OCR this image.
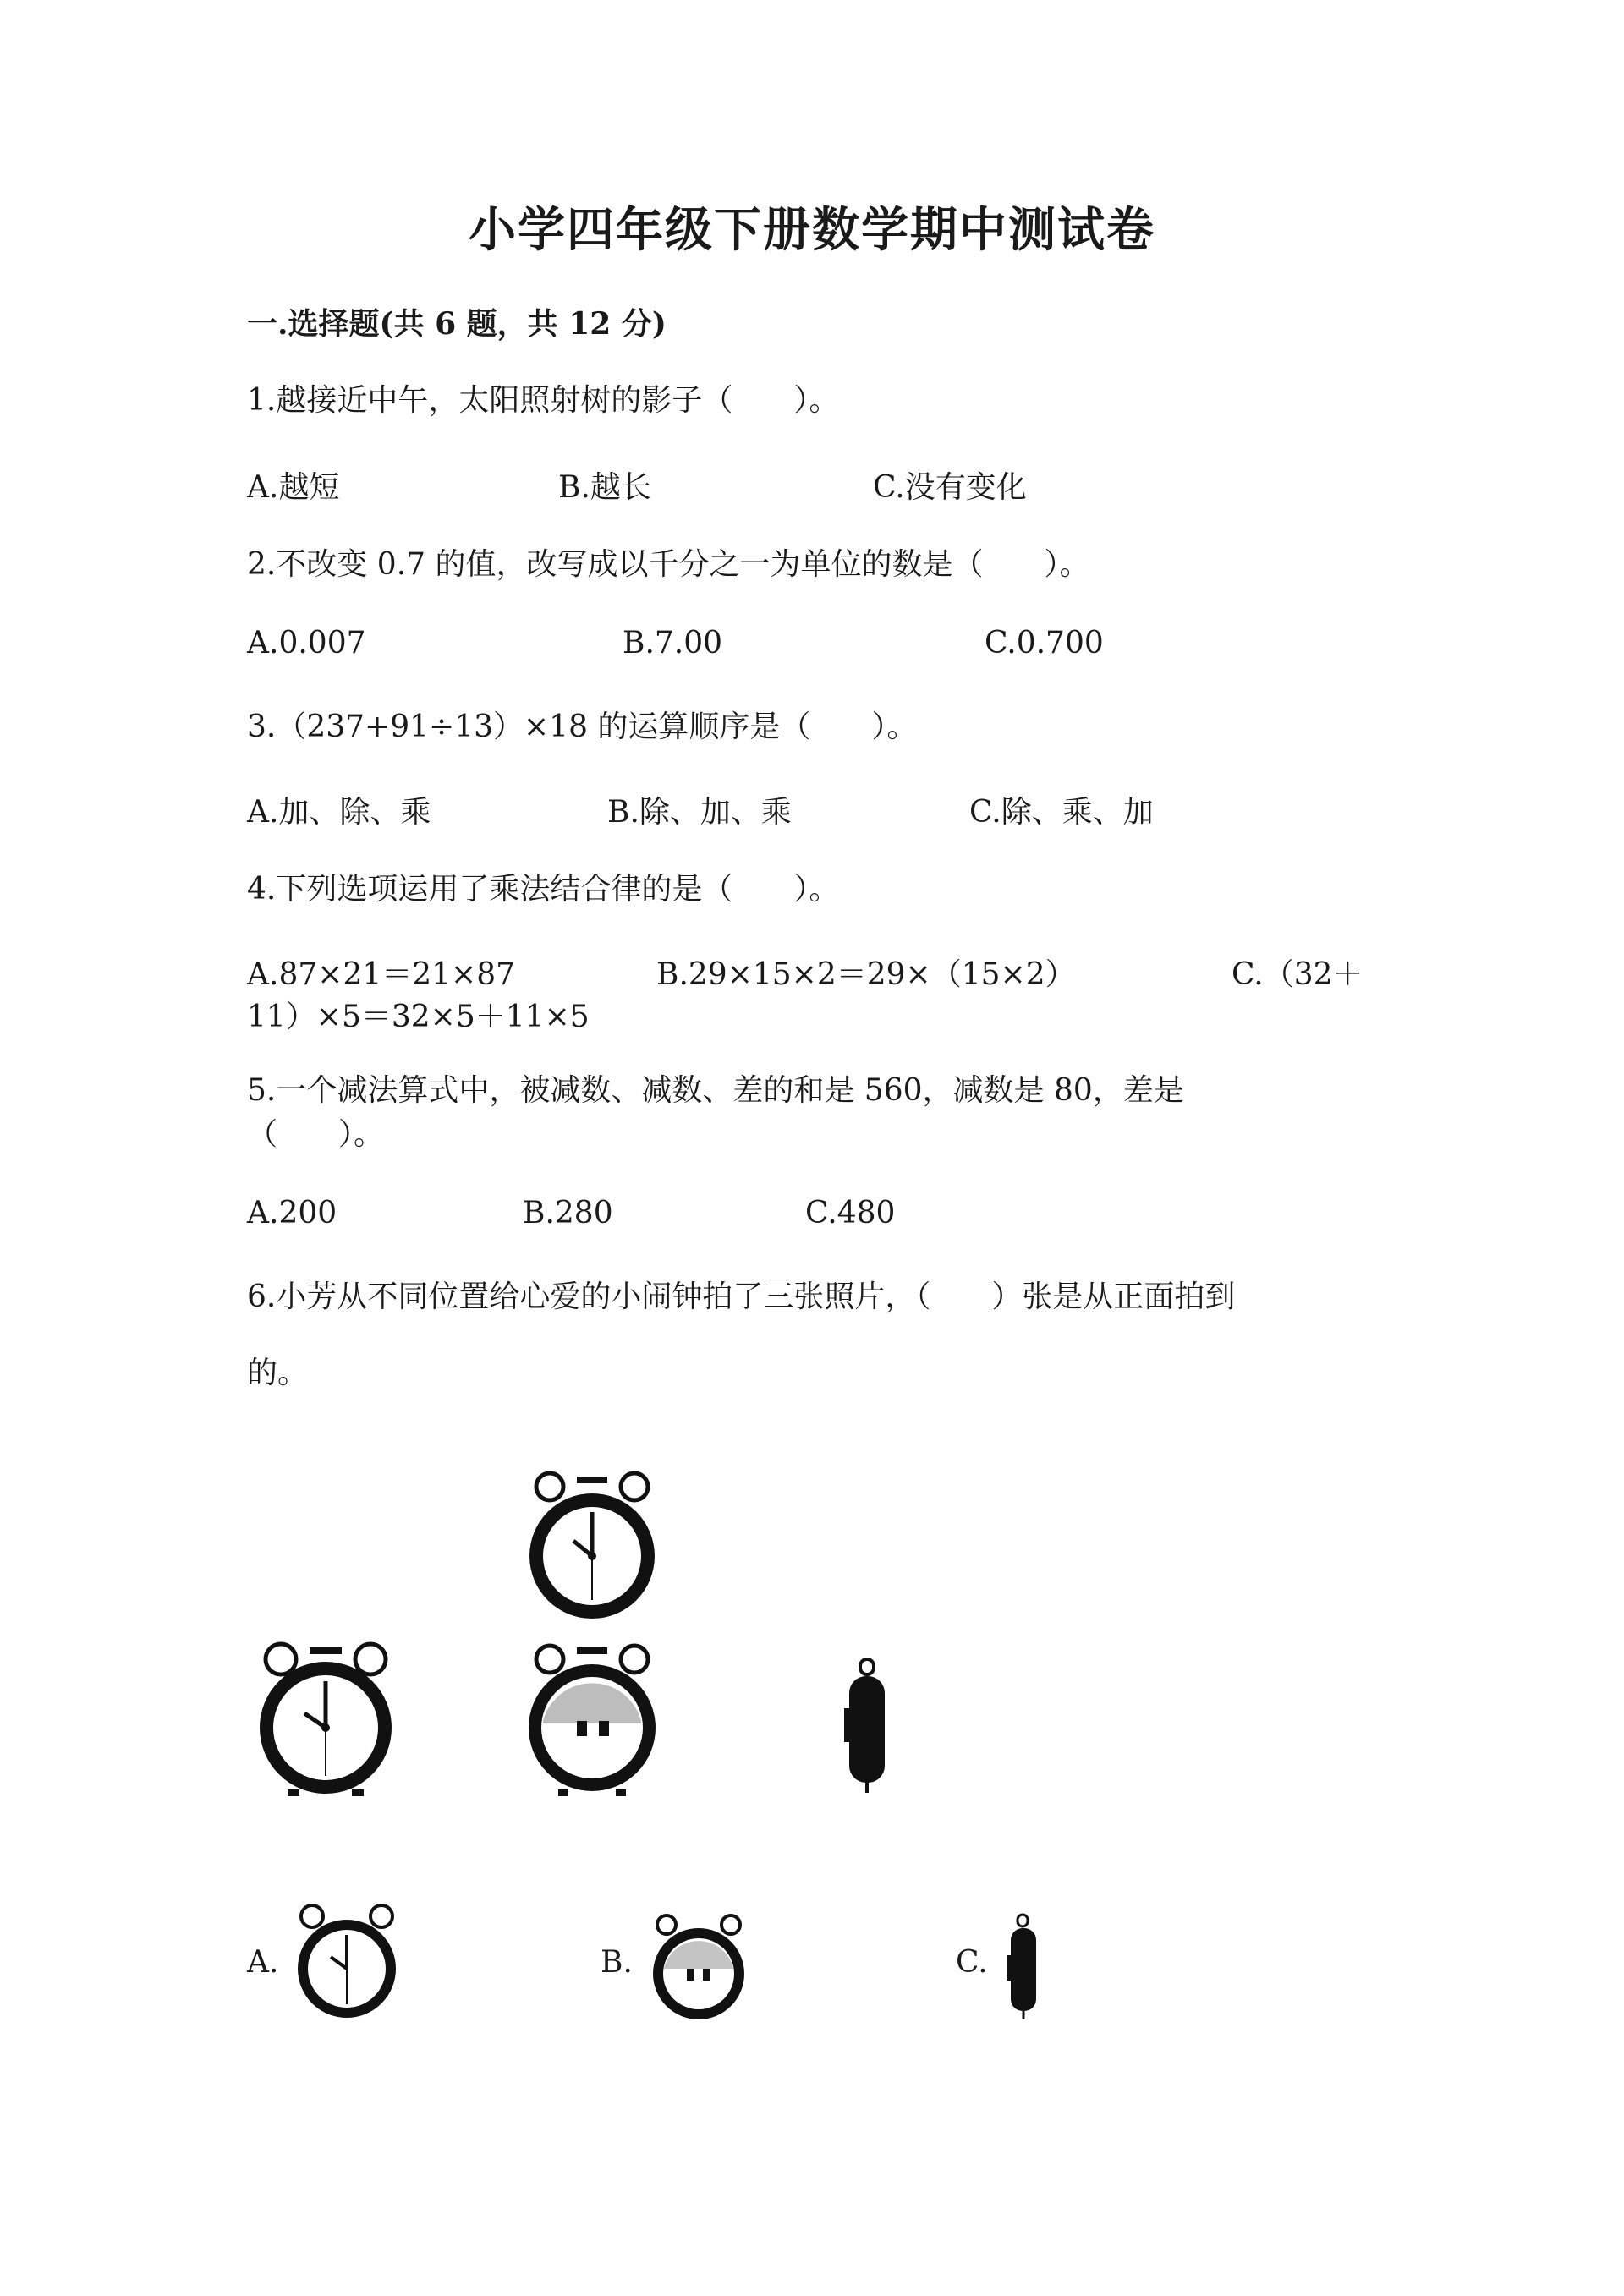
小学四年级下册数学期中测试卷
一.选择题(共 6 题，共 12 分)
1.越接近中午，太阳照射树的影子（　　）。
A.越短	B.越长	C.没有变化
2.不改变 0.7 的值，改写成以千分之一为单位的数是（　　）。
A.0.007	B.7.00	C.0.700
3.（237+91÷13）×18 的运算顺序是（　　）。
A.加、除、乘	B.除、加、乘	C.除、乘、加
4.下列选项运用了乘法结合律的是（　　）。
A.87×21＝21×87	B.29×15×2＝29×（15×2）	C.（32＋
11）×5＝32×5＋11×5
5.一个减法算式中，被减数、减数、差的和是 560，减数是 80，差是
（　　）。
A.200	B.280	C.480
6.小芳从不同位置给心爱的小闹钟拍了三张照片，（　　）张是从正面拍到
的。
A.	B.	C.
